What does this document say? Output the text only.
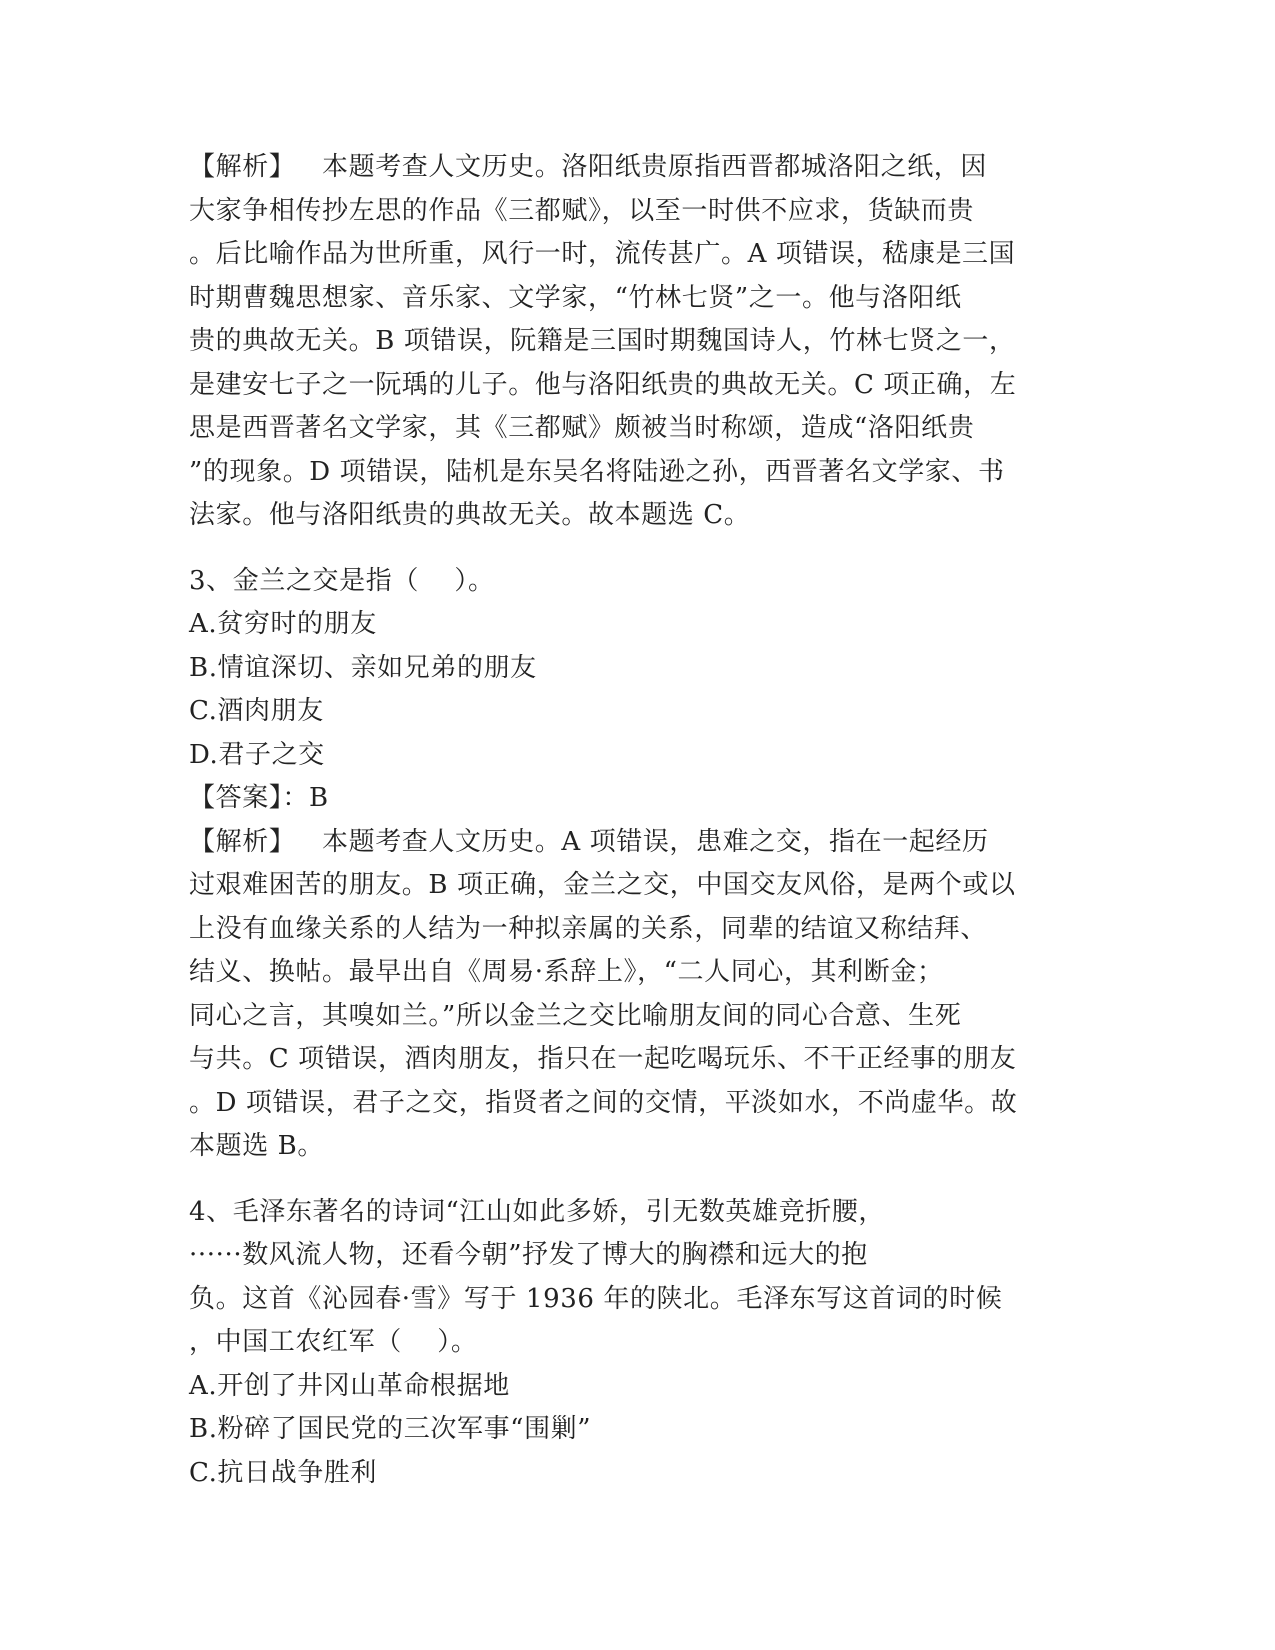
【解析】   本题考查人文历史。洛阳纸贵原指西晋都城洛阳之纸，因
大家争相传抄左思的作品《三都赋》，以至一时供不应求，货缺而贵
。后比喻作品为世所重，风行一时，流传甚广。A 项错误，嵇康是三国
时期曹魏思想家、音乐家、文学家，“竹林七贤”之一。他与洛阳纸
贵的典故无关。B 项错误，阮籍是三国时期魏国诗人，竹林七贤之一，
是建安七子之一阮瑀的儿子。他与洛阳纸贵的典故无关。C 项正确，左
思是西晋著名文学家，其《三都赋》颇被当时称颂，造成“洛阳纸贵
”的现象。D 项错误，陆机是东吴名将陆逊之孙，西晋著名文学家、书
法家。他与洛阳纸贵的典故无关。故本题选 C。
3、金兰之交是指（    ）。
A.贫穷时的朋友
B.情谊深切、亲如兄弟的朋友
C.酒肉朋友
D.君子之交
【答案】：B
【解析】   本题考查人文历史。A 项错误，患难之交，指在一起经历
过艰难困苦的朋友。B 项正确，金兰之交，中国交友风俗，是两个或以
上没有血缘关系的人结为一种拟亲属的关系，同辈的结谊又称结拜、
结义、换帖。最早出自《周易·系辞上》，“二人同心，其利断金；
同心之言，其嗅如兰。”所以金兰之交比喻朋友间的同心合意、生死
与共。C 项错误，酒肉朋友，指只在一起吃喝玩乐、不干正经事的朋友
。D 项错误，君子之交，指贤者之间的交情，平淡如水，不尚虚华。故
本题选 B。
4、毛泽东著名的诗词“江山如此多娇，引无数英雄竞折腰，
······数风流人物，还看今朝”抒发了博大的胸襟和远大的抱
负。这首《沁园春·雪》写于 1936 年的陕北。毛泽东写这首词的时候
，中国工农红军（    ）。
A.开创了井冈山革命根据地
B.粉碎了国民党的三次军事“围剿”
C.抗日战争胜利
